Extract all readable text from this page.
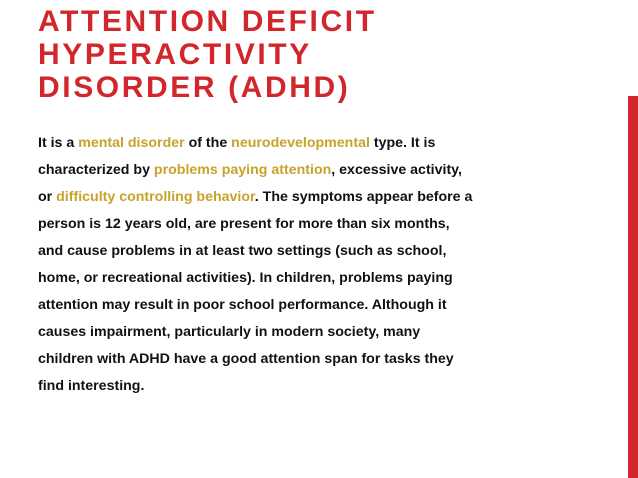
ATTENTION DEFICIT
HYPERACTIVITY
DISORDER (ADHD)

It is a mental disorder of the neurodevelopmental type. It is
characterized by problems paying attention, excessive activity,
or difficulty controlling behavior. The symptoms appear before a
person is 12 years old, are present for more than six months,
and cause problems in at least two settings (such as school,
home, or recreational activities). In children, problems paying
attention may result in poor school performance. Although it
causes impairment, particularly in modern society, many
children with ADHD have a good attention span for tasks they
find interesting.
